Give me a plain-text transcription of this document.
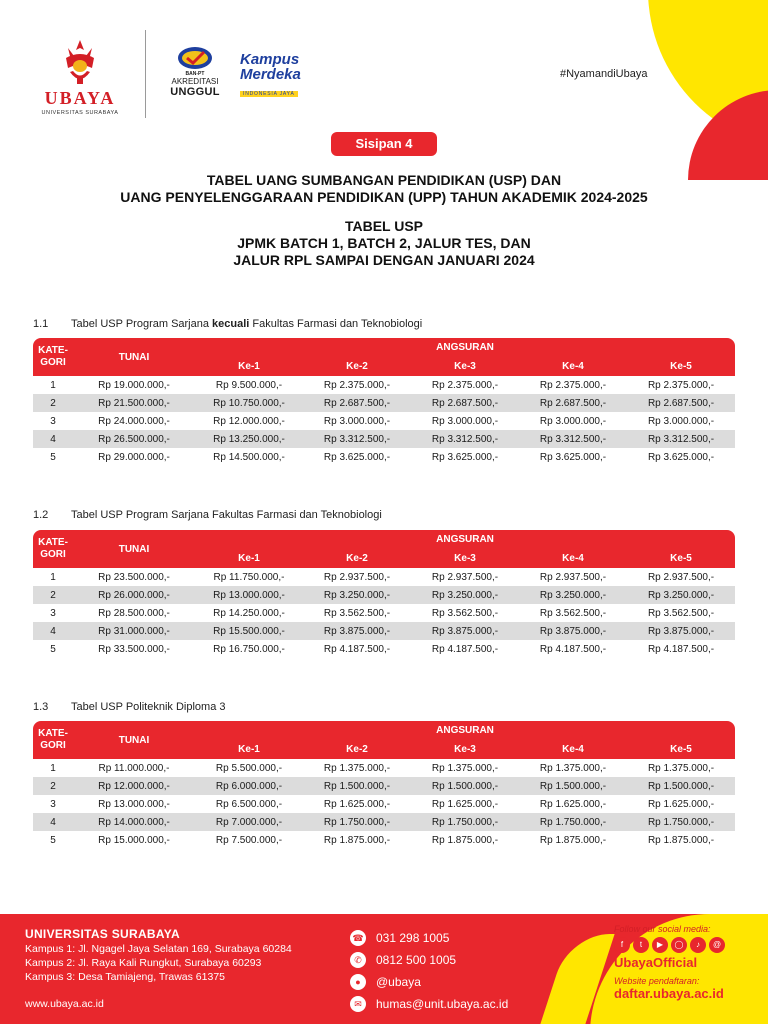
UBAYA
UNIVERSITAS SURABAYA
BAN-PT
AKREDITASI
UNGGUL
Kampus
Merdeka
INDONESIA JAYA
#NyamandiUbaya
Sisipan 4
TABEL UANG SUMBANGAN PENDIDIKAN (USP) DAN
UANG PENYELENGGARAAN PENDIDIKAN (UPP) TAHUN AKADEMIK 2024-2025
TABEL USP
JPMK BATCH 1, BATCH 2, JALUR TES, DAN
JALUR RPL SAMPAI DENGAN JANUARI 2024
1.1 Tabel USP Program Sarjana kecuali Fakultas Farmasi dan Teknobiologi
KATE-GORI	TUNAI	ANGSURAN				
		Ke-1	Ke-2	Ke-3	Ke-4	Ke-5
1	Rp 19.000.000,-	Rp 9.500.000,-	Rp 2.375.000,-	Rp 2.375.000,-	Rp 2.375.000,-	Rp 2.375.000,-
2	Rp 21.500.000,-	Rp 10.750.000,-	Rp 2.687.500,-	Rp 2.687.500,-	Rp 2.687.500,-	Rp 2.687.500,-
3	Rp 24.000.000,-	Rp 12.000.000,-	Rp 3.000.000,-	Rp 3.000.000,-	Rp 3.000.000,-	Rp 3.000.000,-
4	Rp 26.500.000,-	Rp 13.250.000,-	Rp 3.312.500,-	Rp 3.312.500,-	Rp 3.312.500,-	Rp 3.312.500,-
5	Rp 29.000.000,-	Rp 14.500.000,-	Rp 3.625.000,-	Rp 3.625.000,-	Rp 3.625.000,-	Rp 3.625.000,-
1.2 Tabel USP Program Sarjana Fakultas Farmasi dan Teknobiologi
KATE-GORI	TUNAI	ANGSURAN				
		Ke-1	Ke-2	Ke-3	Ke-4	Ke-5
1	Rp 23.500.000,-	Rp 11.750.000,-	Rp 2.937.500,-	Rp 2.937.500,-	Rp 2.937.500,-	Rp 2.937.500,-
2	Rp 26.000.000,-	Rp 13.000.000,-	Rp 3.250.000,-	Rp 3.250.000,-	Rp 3.250.000,-	Rp 3.250.000,-
3	Rp 28.500.000,-	Rp 14.250.000,-	Rp 3.562.500,-	Rp 3.562.500,-	Rp 3.562.500,-	Rp 3.562.500,-
4	Rp 31.000.000,-	Rp 15.500.000,-	Rp 3.875.000,-	Rp 3.875.000,-	Rp 3.875.000,-	Rp 3.875.000,-
5	Rp 33.500.000,-	Rp 16.750.000,-	Rp 4.187.500,-	Rp 4.187.500,-	Rp 4.187.500,-	Rp 4.187.500,-
1.3 Tabel USP Politeknik Diploma 3
KATE-GORI	TUNAI	ANGSURAN				
		Ke-1	Ke-2	Ke-3	Ke-4	Ke-5
1	Rp 11.000.000,-	Rp 5.500.000,-	Rp 1.375.000,-	Rp 1.375.000,-	Rp 1.375.000,-	Rp 1.375.000,-
2	Rp 12.000.000,-	Rp 6.000.000,-	Rp 1.500.000,-	Rp 1.500.000,-	Rp 1.500.000,-	Rp 1.500.000,-
3	Rp 13.000.000,-	Rp 6.500.000,-	Rp 1.625.000,-	Rp 1.625.000,-	Rp 1.625.000,-	Rp 1.625.000,-
4	Rp 14.000.000,-	Rp 7.000.000,-	Rp 1.750.000,-	Rp 1.750.000,-	Rp 1.750.000,-	Rp 1.750.000,-
5	Rp 15.000.000,-	Rp 7.500.000,-	Rp 1.875.000,-	Rp 1.875.000,-	Rp 1.875.000,-	Rp 1.875.000,-
UNIVERSITAS SURABAYA
Kampus 1: Jl. Ngagel Jaya Selatan 169, Surabaya 60284
Kampus 2: Jl. Raya Kali Rungkut, Surabaya 60293
Kampus 3: Desa Tamiajeng, Trawas 61375
www.ubaya.ac.id
☎ 031 298 1005
✆	0812 500 1005
●	@ubaya
✉	humas@unit.ubaya.ac.id
Follow our social media:
f	t	▶	◯	♪	@
UbayaOfficial
Website pendaftaran:
daftar.ubaya.ac.id
